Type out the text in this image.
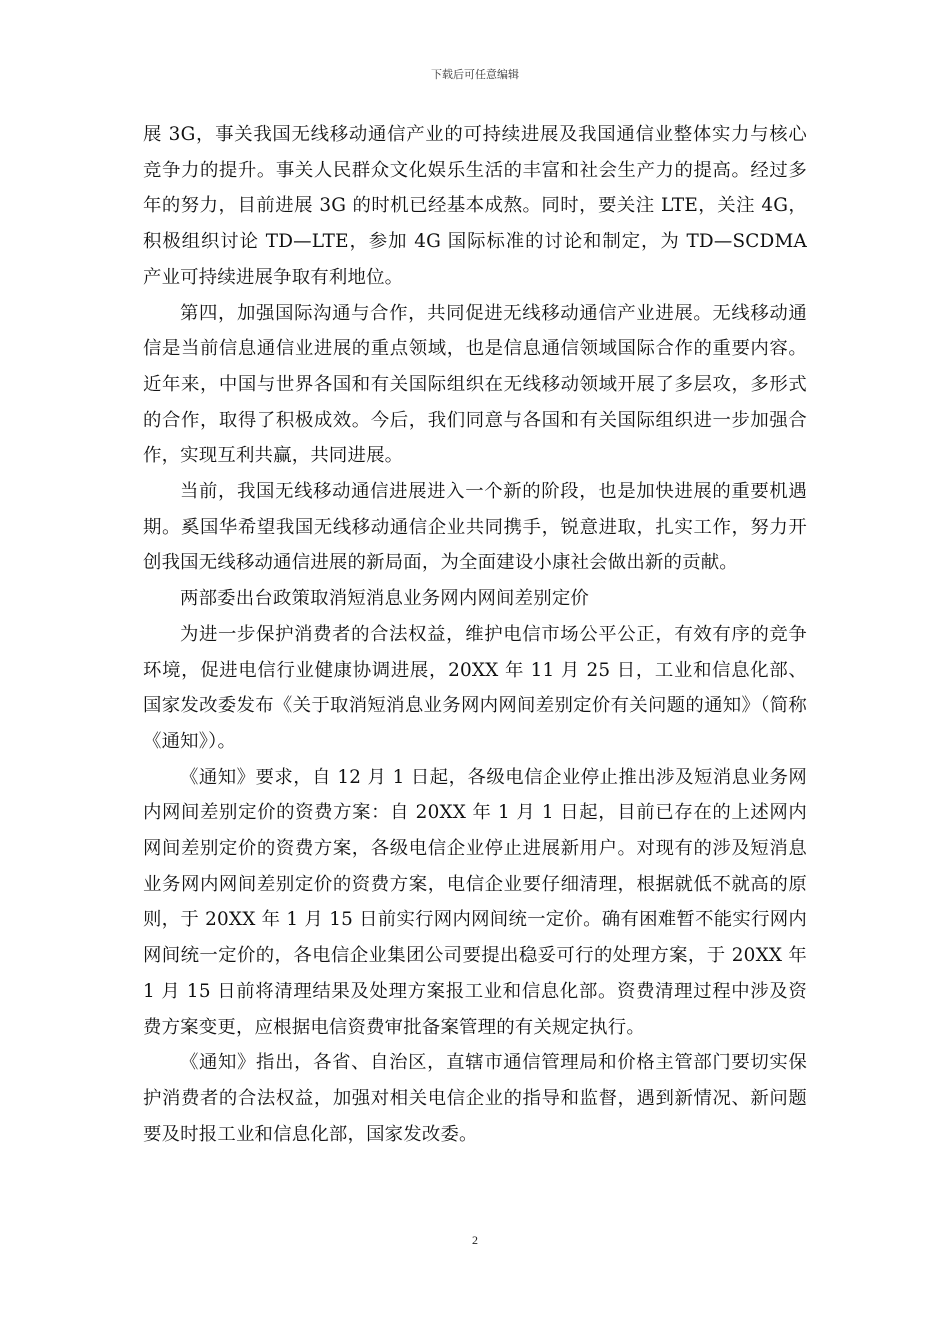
下载后可任意编辑

展 3G，事关我国无线移动通信产业的可持续进展及我国通信业整体实力与核心竞争力的提升。事关人民群众文化娱乐生活的丰富和社会生产力的提高。经过多年的努力，目前进展 3G 的时机已经基本成熬。同时，要关注 LTE，关注 4G，积极组织讨论 TD—LTE，参加 4G 国际标准的讨论和制定，为 TD—SCDMA 产业可持续进展争取有利地位。

第四，加强国际沟通与合作，共同促进无线移动通信产业进展。无线移动通信是当前信息通信业进展的重点领域，也是信息通信领域国际合作的重要内容。近年来，中国与世界各国和有关国际组织在无线移动领域开展了多层攻，多形式的合作，取得了积极成效。今后，我们同意与各国和有关国际组织进一步加强合作，实现互利共赢，共同进展。

当前，我国无线移动通信进展进入一个新的阶段，也是加快进展的重要机遇期。奚国华希望我国无线移动通信企业共同携手，锐意进取，扎实工作，努力开创我国无线移动通信进展的新局面，为全面建设小康社会做出新的贡献。

两部委出台政策取消短消息业务网内网间差别定价

为进一步保护消费者的合法权益，维护电信市场公平公正，有效有序的竞争环境，促进电信行业健康协调进展，20XX 年 11 月 25 日，工业和信息化部、国家发改委发布《关于取消短消息业务网内网间差别定价有关问题的通知》（简称《通知》）。

《通知》要求，自 12 月 1 日起，各级电信企业停止推出涉及短消息业务网内网间差别定价的资费方案：自 20XX 年 1 月 1 日起，目前已存在的上述网内网间差别定价的资费方案，各级电信企业停止进展新用户。对现有的涉及短消息业务网内网间差别定价的资费方案，电信企业要仔细清理，根据就低不就高的原则，于 20XX 年 1 月 15 日前实行网内网间统一定价。确有困难暂不能实行网内网间统一定价的，各电信企业集团公司要提出稳妥可行的处理方案，于 20XX 年 1 月 15 日前将清理结果及处理方案报工业和信息化部。资费清理过程中涉及资费方案变更，应根据电信资费审批备案管理的有关规定执行。

《通知》指出，各省、自治区，直辖市通信管理局和价格主管部门要切实保护消费者的合法权益，加强对相关电信企业的指导和监督，遇到新情况、新问题要及时报工业和信息化部，国家发改委。

2
